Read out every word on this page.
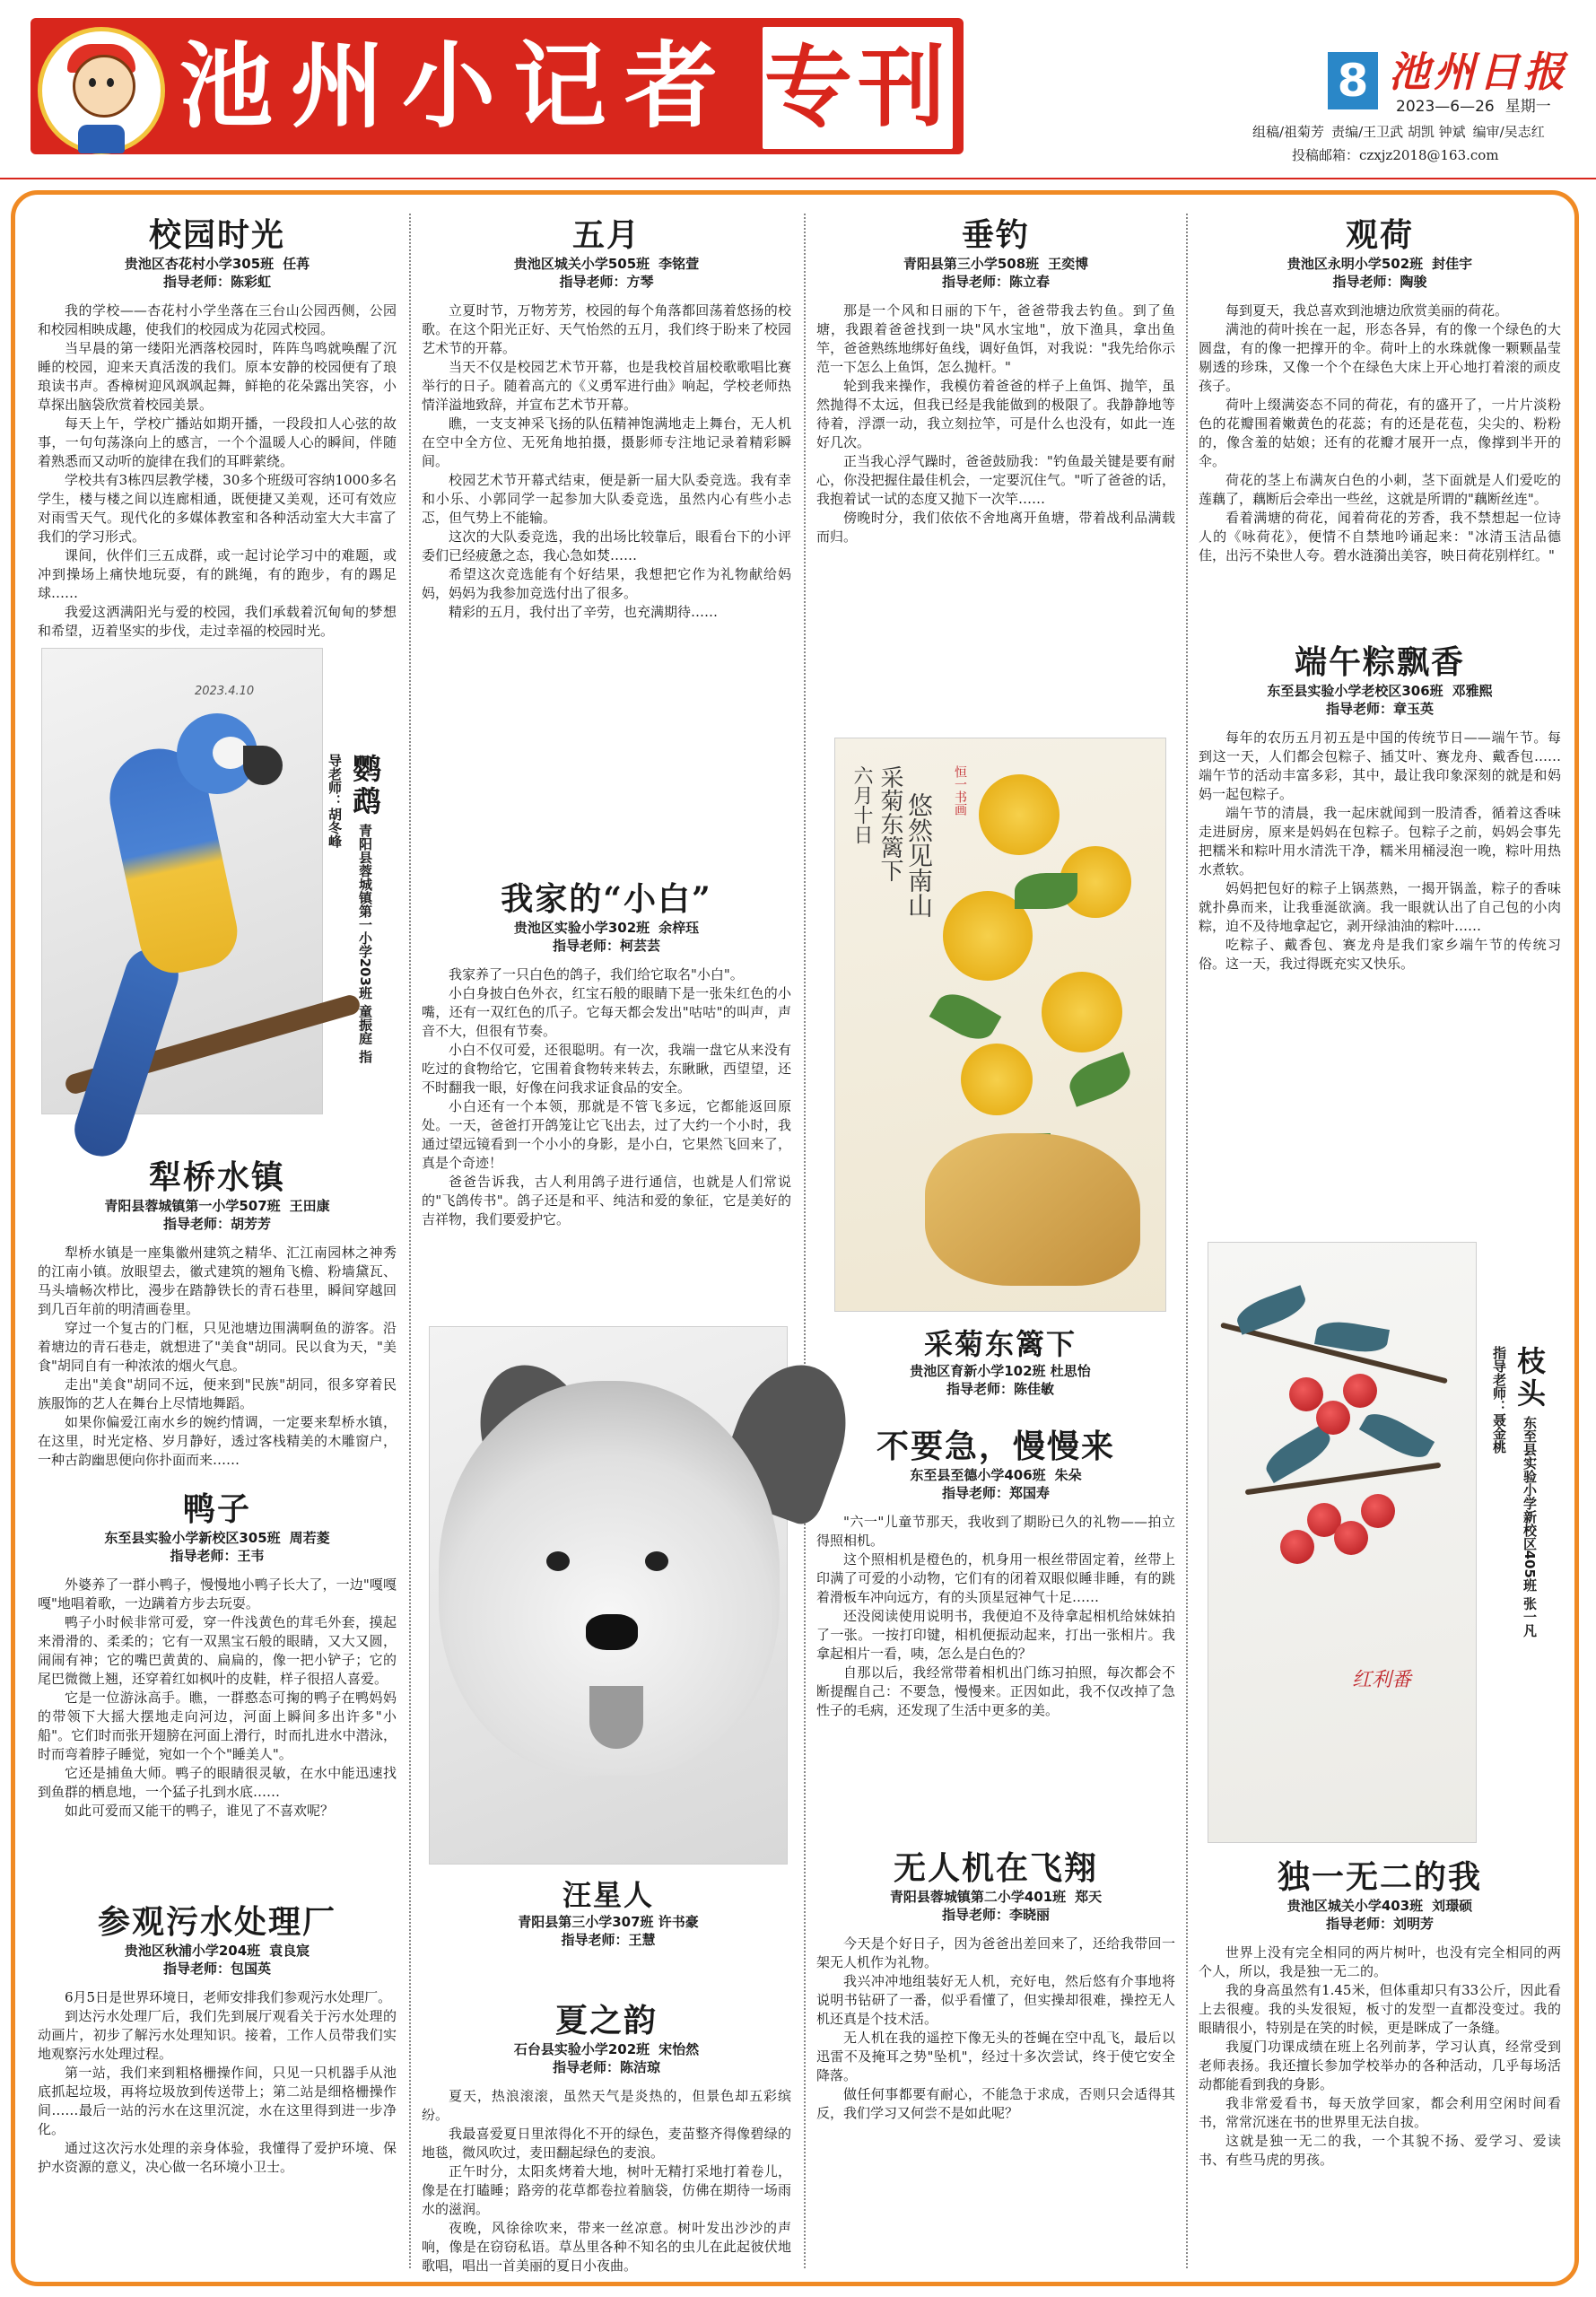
池州小记者 专刊	8 池州日报
2023—6—26 星期一
组稿/祖菊芳 责编/王卫武 胡凯 钟斌 编审/吴志红
投稿邮箱：czxjz2018@163.com
校园时光

贵池区杏花村小学305班 任苒

指导老师：陈彩虹

我的学校——杏花村小学坐落在三台山公园西侧，公园和校园相映成趣，使我们的校园成为花园式校园。

当早晨的第一缕阳光洒落校园时，阵阵鸟鸣就唤醒了沉睡的校园，迎来天真活泼的我们。原本安静的校园便有了琅琅读书声。香樟树迎风飒飒起舞，鲜艳的花朵露出笑容，小草探出脑袋欣赏着校园美景。

每天上午，学校广播站如期开播，一段段扣人心弦的故事，一句句荡涤向上的感言，一个个温暖人心的瞬间，伴随着熟悉而又动听的旋律在我们的耳畔萦绕。

学校共有3栋四层教学楼，30多个班级可容纳1000多名学生，楼与楼之间以连廊相通，既便捷又美观，还可有效应对雨雪天气。现代化的多媒体教室和各种活动室大大丰富了我们的学习形式。

课间，伙伴们三五成群，或一起讨论学习中的难题，或冲到操场上痛快地玩耍，有的跳绳，有的跑步，有的踢足球……

我爱这洒满阳光与爱的校园，我们承载着沉甸甸的梦想和希望，迈着坚实的步伐，走过幸福的校园时光。

2023.4.10
鹦鹉 青阳县蓉城镇第一小学203班 童振庭 指导老师：胡冬峰
犁桥水镇

青阳县蓉城镇第一小学507班 王田康

指导老师：胡芳芳

犁桥水镇是一座集徽州建筑之精华、汇江南园林之神秀的江南小镇。放眼望去，徽式建筑的翘角飞檐、粉墙黛瓦、马头墙畅次栉比，漫步在踏静铁长的青石巷里，瞬间穿越回到几百年前的明清画卷里。

穿过一个复古的门框，只见池塘边围满啊鱼的游客。沿着塘边的青石巷走，就想进了"美食"胡同。民以食为天，"美食"胡同自有一种浓浓的烟火气息。

走出"美食"胡同不远，便来到"民族"胡同，很多穿着民族服饰的艺人在舞台上尽情地舞蹈。

如果你偏爱江南水乡的婉约情调，一定要来犁桥水镇，在这里，时光定格、岁月静好，透过客栈精美的木雕窗户，一种古韵幽思便向你扑面而来……

鸭子

东至县实验小学新校区305班 周若菱

指导老师：王韦

外婆养了一群小鸭子，慢慢地小鸭子长大了，一边"嘎嘎嘎"地唱着歌，一边蹒着方步去玩耍。

鸭子小时候非常可爱，穿一件浅黄色的茸毛外套，摸起来滑滑的、柔柔的；它有一双黑宝石般的眼睛，又大又圆，闹闹有神；它的嘴巴黄黄的、扁扁的，像一把小铲子；它的尾巴微微上翘，还穿着红如枫叶的皮鞋，样子很招人喜爱。

它是一位游泳高手。瞧，一群憨态可掬的鸭子在鸭妈妈的带领下大摇大摆地走向河边，河面上瞬间多出许多"小船"。它们时而张开翅膀在河面上滑行，时而扎进水中潜泳，时而弯着脖子睡觉，宛如一个个"睡美人"。

它还是捕鱼大师。鸭子的眼睛很灵敏，在水中能迅速找到鱼群的栖息地，一个猛子扎到水底……

如此可爱而又能干的鸭子，谁见了不喜欢呢？

参观污水处理厂

贵池区秋浦小学204班 袁良宸

指导老师：包国英

6月5日是世界环境日，老师安排我们参观污水处理厂。

到达污水处理厂后，我们先到展厅观看关于污水处理的动画片，初步了解污水处理知识。接着，工作人员带我们实地观察污水处理过程。

第一站，我们来到粗格栅操作间，只见一只机器手从池底抓起垃圾，再将垃圾放到传送带上；第二站是细格栅操作间……最后一站的污水在这里沉淀，水在这里得到进一步净化。

通过这次污水处理的亲身体验，我懂得了爱护环境、保护水资源的意义，决心做一名环境小卫士。

五月

贵池区城关小学505班 李铭萱

指导老师：方琴

立夏时节，万物芳芳，校园的每个角落都回荡着悠扬的校歌。在这个阳光正好、天气怡然的五月，我们终于盼来了校园艺术节的开幕。

当天不仅是校园艺术节开幕，也是我校首届校歌歌唱比赛举行的日子。随着高亢的《义勇军进行曲》响起，学校老师热情洋溢地致辞，并宣布艺术节开幕。

瞧，一支支神采飞扬的队伍精神饱满地走上舞台，无人机在空中全方位、无死角地拍摄，摄影师专注地记录着精彩瞬间。

校园艺术节开幕式结束，便是新一届大队委竞选。我有幸和小乐、小郭同学一起参加大队委竞选，虽然内心有些小忐忑，但气势上不能输。

这次的大队委竞选，我的出场比较靠后，眼看台下的小评委们已经疲惫之态，我心急如焚……

希望这次竞选能有个好结果，我想把它作为礼物献给妈妈，妈妈为我参加竞选付出了很多。

精彩的五月，我付出了辛劳，也充满期待……

我家的“小白”

贵池区实验小学302班 余梓珏

指导老师：柯芸芸

我家养了一只白色的鸽子，我们给它取名"小白"。

小白身披白色外衣，红宝石般的眼睛下是一张朱红色的小嘴，还有一双红色的爪子。它每天都会发出"咕咕"的叫声，声音不大，但很有节奏。

小白不仅可爱，还很聪明。有一次，我端一盘它从来没有吃过的食物给它，它围着食物转来转去，东瞅瞅，西望望，还不时翻我一眼，好像在问我求证食品的安全。

小白还有一个本领，那就是不管飞多远，它都能返回原处。一天，爸爸打开鸽笼让它飞出去，过了大约一个小时，我通过望远镜看到一个小小的身影，是小白，它果然飞回来了，真是个奇迹！

爸爸告诉我，古人利用鸽子进行通信，也就是人们常说的"飞鸽传书"。鸽子还是和平、纯洁和爱的象征，它是美好的吉祥物，我们要爱护它。

汪星人

青阳县第三小学307班 许书豪

指导老师：王慧

夏之韵

石台县实验小学202班 宋怡然

指导老师：陈洁琼

夏天，热浪滚滚，虽然天气是炎热的，但景色却五彩缤纷。

我最喜爱夏日里浓得化不开的绿色，麦苗整齐得像碧绿的地毯，微风吹过，麦田翻起绿色的麦浪。

正午时分，太阳炙烤着大地，树叶无精打采地打着卷儿，像是在打瞌睡；路旁的花草都卷拉着脑袋，仿佛在期待一场雨水的滋润。

夜晚，风徐徐吹来，带来一丝凉意。树叶发出沙沙的声响，像是在窃窃私语。草丛里各种不知名的虫儿在此起彼伏地歌唱，唱出一首美丽的夏日小夜曲。

垂钓

青阳县第三小学508班 王奕博

指导老师：陈立春

那是一个风和日丽的下午，爸爸带我去钓鱼。到了鱼塘，我跟着爸爸找到一块"风水宝地"，放下渔具，拿出鱼竿，爸爸熟练地绑好鱼线，调好鱼饵，对我说："我先给你示范一下怎么上鱼饵，怎么抛杆。"

轮到我来操作，我模仿着爸爸的样子上鱼饵、抛竿，虽然抛得不太远，但我已经是我能做到的极限了。我静静地等待着，浮漂一动，我立刻拉竿，可是什么也没有，如此一连好几次。

正当我心浮气躁时，爸爸鼓励我："钓鱼最关键是要有耐心，你没把握住最佳机会，一定要沉住气。"听了爸爸的话，我抱着试一试的态度又抛下一次竿……

傍晚时分，我们依依不舍地离开鱼塘，带着战利品满载而归。

六月十日 采菊东篱下 悠然见南山
恒一书画

采菊东篱下

贵池区育新小学102班 杜思怡

指导老师：陈佳敏

不要急，慢慢来

东至县至德小学406班 朱朵

指导老师：郑国寿

"六一"儿童节那天，我收到了期盼已久的礼物——拍立得照相机。

这个照相机是橙色的，机身用一根丝带固定着，丝带上印满了可爱的小动物，它们有的闭着双眼似睡非睡，有的跳着滑板车冲向远方，有的头顶星冠神气十足……

还没阅读使用说明书，我便迫不及待拿起相机给妹妹拍了一张。一按打印键，相机便振动起来，打出一张相片。我拿起相片一看，咦，怎么是白色的？

自那以后，我经常带着相机出门练习拍照，每次都会不断提醒自己：不要急，慢慢来。正因如此，我不仅改掉了急性子的毛病，还发现了生活中更多的美。

无人机在飞翔

青阳县蓉城镇第二小学401班 郑天

指导老师：李晓丽

今天是个好日子，因为爸爸出差回来了，还给我带回一架无人机作为礼物。

我兴冲冲地组装好无人机，充好电，然后悠有介事地将说明书钻研了一番，似乎看懂了，但实操却很难，操控无人机还真是个技术活。

无人机在我的遥控下像无头的苍蝇在空中乱飞，最后以迅雷不及掩耳之势"坠机"，经过十多次尝试，终于使它安全降落。

做任何事都要有耐心，不能急于求成，否则只会适得其反，我们学习又何尝不是如此呢？

观荷

贵池区永明小学502班 封佳宇

指导老师：陶骏

每到夏天，我总喜欢到池塘边欣赏美丽的荷花。

满池的荷叶挨在一起，形态各异，有的像一个绿色的大圆盘，有的像一把撑开的伞。荷叶上的水珠就像一颗颗晶莹剔透的珍珠，又像一个个在绿色大床上开心地打着滚的顽皮孩子。

荷叶上缀满姿态不同的荷花，有的盛开了，一片片淡粉色的花瓣围着嫩黄色的花蕊；有的还是花苞，尖尖的、粉粉的，像含羞的姑娘；还有的花瓣才展开一点，像撑到半开的伞。

荷花的茎上布满灰白色的小刺，茎下面就是人们爱吃的莲藕了，藕断后会牵出一些丝，这就是所谓的"藕断丝连"。

看着满塘的荷花，闻着荷花的芳香，我不禁想起一位诗人的《咏荷花》，便情不自禁地吟诵起来："冰清玉洁品德佳，出污不染世人夸。碧水涟漪出美容，映日荷花别样红。"

端午粽飘香

东至县实验小学老校区306班 邓雅熙

指导老师：章玉英

每年的农历五月初五是中国的传统节日——端午节。每到这一天，人们都会包粽子、插艾叶、赛龙舟、戴香包……端午节的活动丰富多彩，其中，最让我印象深刻的就是和妈妈一起包粽子。

端午节的清晨，我一起床就闻到一股清香，循着这香味走进厨房，原来是妈妈在包粽子。包粽子之前，妈妈会事先把糯米和粽叶用水清洗干净，糯米用桶浸泡一晚，粽叶用热水煮软。

妈妈把包好的粽子上锅蒸熟，一揭开锅盖，粽子的香味就扑鼻而来，让我垂涎欲滴。我一眼就认出了自己包的小肉粽，迫不及待地拿起它，剥开绿油油的粽叶……

吃粽子、戴香包、赛龙舟是我们家乡端午节的传统习俗。这一天，我过得既充实又快乐。

红利番
枝头 东至县实验小学新校区405班 张一凡 指导老师：聂金桃
独一无二的我

贵池区城关小学403班 刘璟硕

指导老师：刘明芳

世界上没有完全相同的两片树叶，也没有完全相同的两个人，所以，我是独一无二的。

我的身高虽然有1.45米，但体重却只有33公斤，因此看上去很瘦。我的头发很短，板寸的发型一直都没变过。我的眼睛很小，特别是在笑的时候，更是眯成了一条缝。

我厦门功课成绩在班上名列前茅，学习认真，经常受到老师表扬。我还擅长参加学校举办的各种活动，几乎每场活动都能看到我的身影。

我非常爱看书，每天放学回家，都会利用空闲时间看书，常常沉迷在书的世界里无法自拔。

这就是独一无二的我，一个其貌不扬、爱学习、爱读书、有些马虎的男孩。
